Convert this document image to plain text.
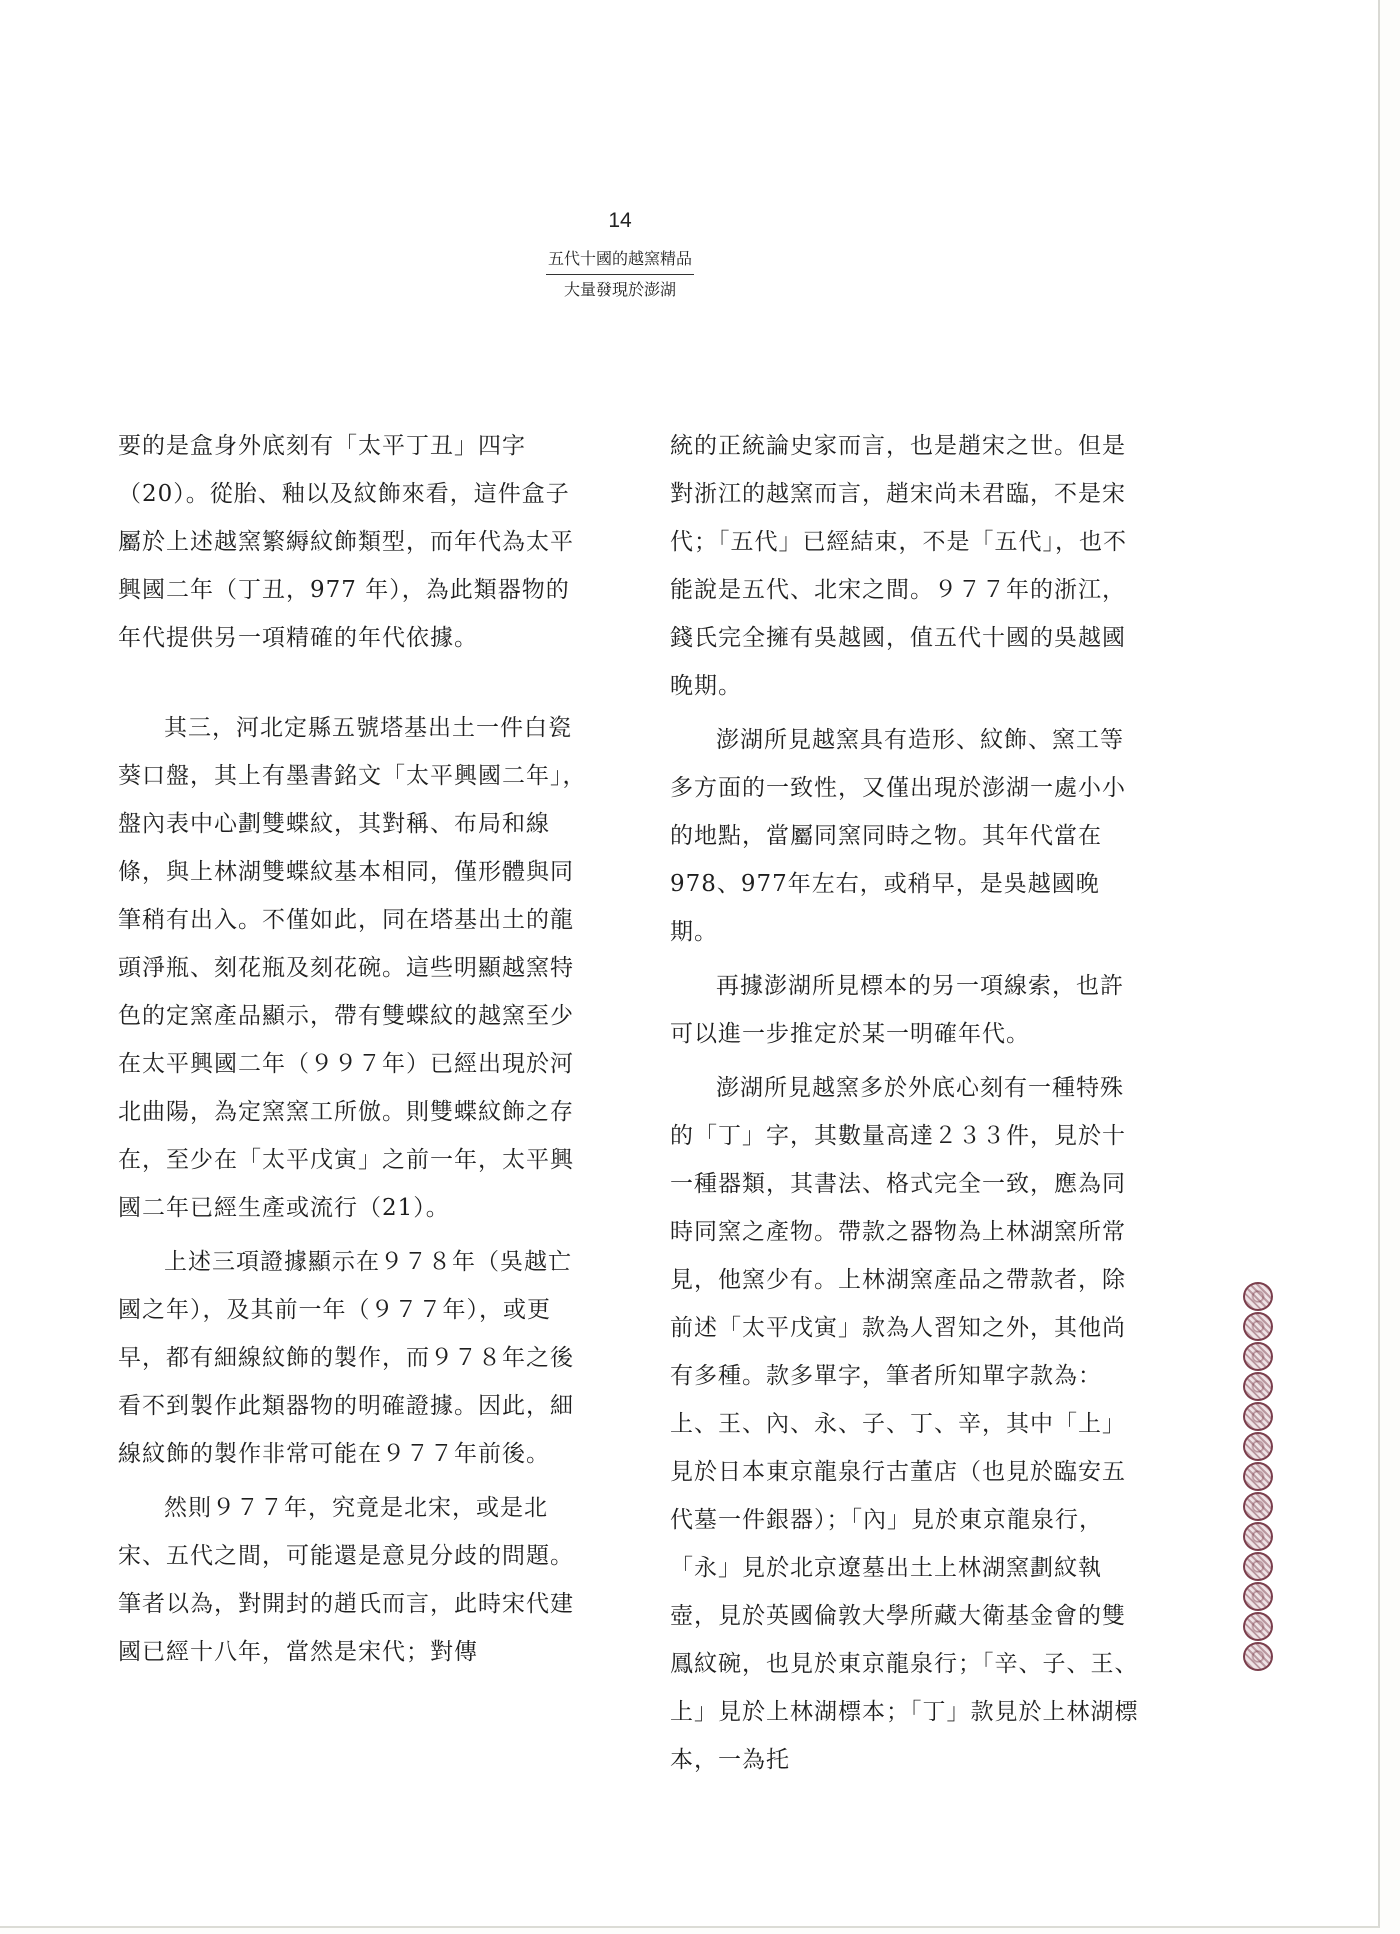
14
五代十國的越窯精品
大量發現於澎湖

要的是盒身外底刻有「太平丁丑」四字（20）。從胎、釉以及紋飾來看，這件盒子屬於上述越窯繁縟紋飾類型，而年代為太平興國二年（丁丑，977 年），為此類器物的年代提供另一項精確的年代依據。

其三，河北定縣五號塔基出土一件白瓷葵口盤，其上有墨書銘文「太平興國二年」，盤內表中心劃雙蝶紋，其對稱、布局和線條，與上林湖雙蝶紋基本相同，僅形體與同筆稍有出入。不僅如此，同在塔基出土的龍頭淨瓶、刻花瓶及刻花碗。這些明顯越窯特色的定窯產品顯示，帶有雙蝶紋的越窯至少在太平興國二年（９９７年）已經出現於河北曲陽，為定窯窯工所倣。則雙蝶紋飾之存在，至少在「太平戊寅」之前一年，太平興國二年已經生產或流行（21）。

上述三項證據顯示在９７８年（吳越亡國之年），及其前一年（９７７年），或更早，都有細線紋飾的製作，而９７８年之後看不到製作此類器物的明確證據。因此，細線紋飾的製作非常可能在９７７年前後。

然則９７７年，究竟是北宋，或是北宋、五代之間，可能還是意見分歧的問題。筆者以為，對開封的趙氏而言，此時宋代建國已經十八年，當然是宋代；對傳

統的正統論史家而言，也是趙宋之世。但是對浙江的越窯而言，趙宋尚未君臨，不是宋代；「五代」已經結束，不是「五代」，也不能說是五代、北宋之間。９７７年的浙江，錢氏完全擁有吳越國，值五代十國的吳越國晚期。

澎湖所見越窯具有造形、紋飾、窯工等多方面的一致性，又僅出現於澎湖一處小小的地點，當屬同窯同時之物。其年代當在978、977年左右，或稍早，是吳越國晚期。

再據澎湖所見標本的另一項線索，也許可以進一步推定於某一明確年代。

澎湖所見越窯多於外底心刻有一種特殊的「丁」字，其數量高達２３３件，見於十一種器類，其書法、格式完全一致，應為同時同窯之產物。帶款之器物為上林湖窯所常見，他窯少有。上林湖窯產品之帶款者，除前述「太平戊寅」款為人習知之外，其他尚有多種。款多單字，筆者所知單字款為：上、王、內、永、子、丁、辛，其中「上」見於日本東京龍泉行古董店（也見於臨安五代墓一件銀器）；「內」見於東京龍泉行，「永」見於北京遼墓出土上林湖窯劃紋執壺，見於英國倫敦大學所藏大衛基金會的雙鳳紋碗，也見於東京龍泉行；「辛、子、王、上」見於上林湖標本；「丁」款見於上林湖標本，一為托
